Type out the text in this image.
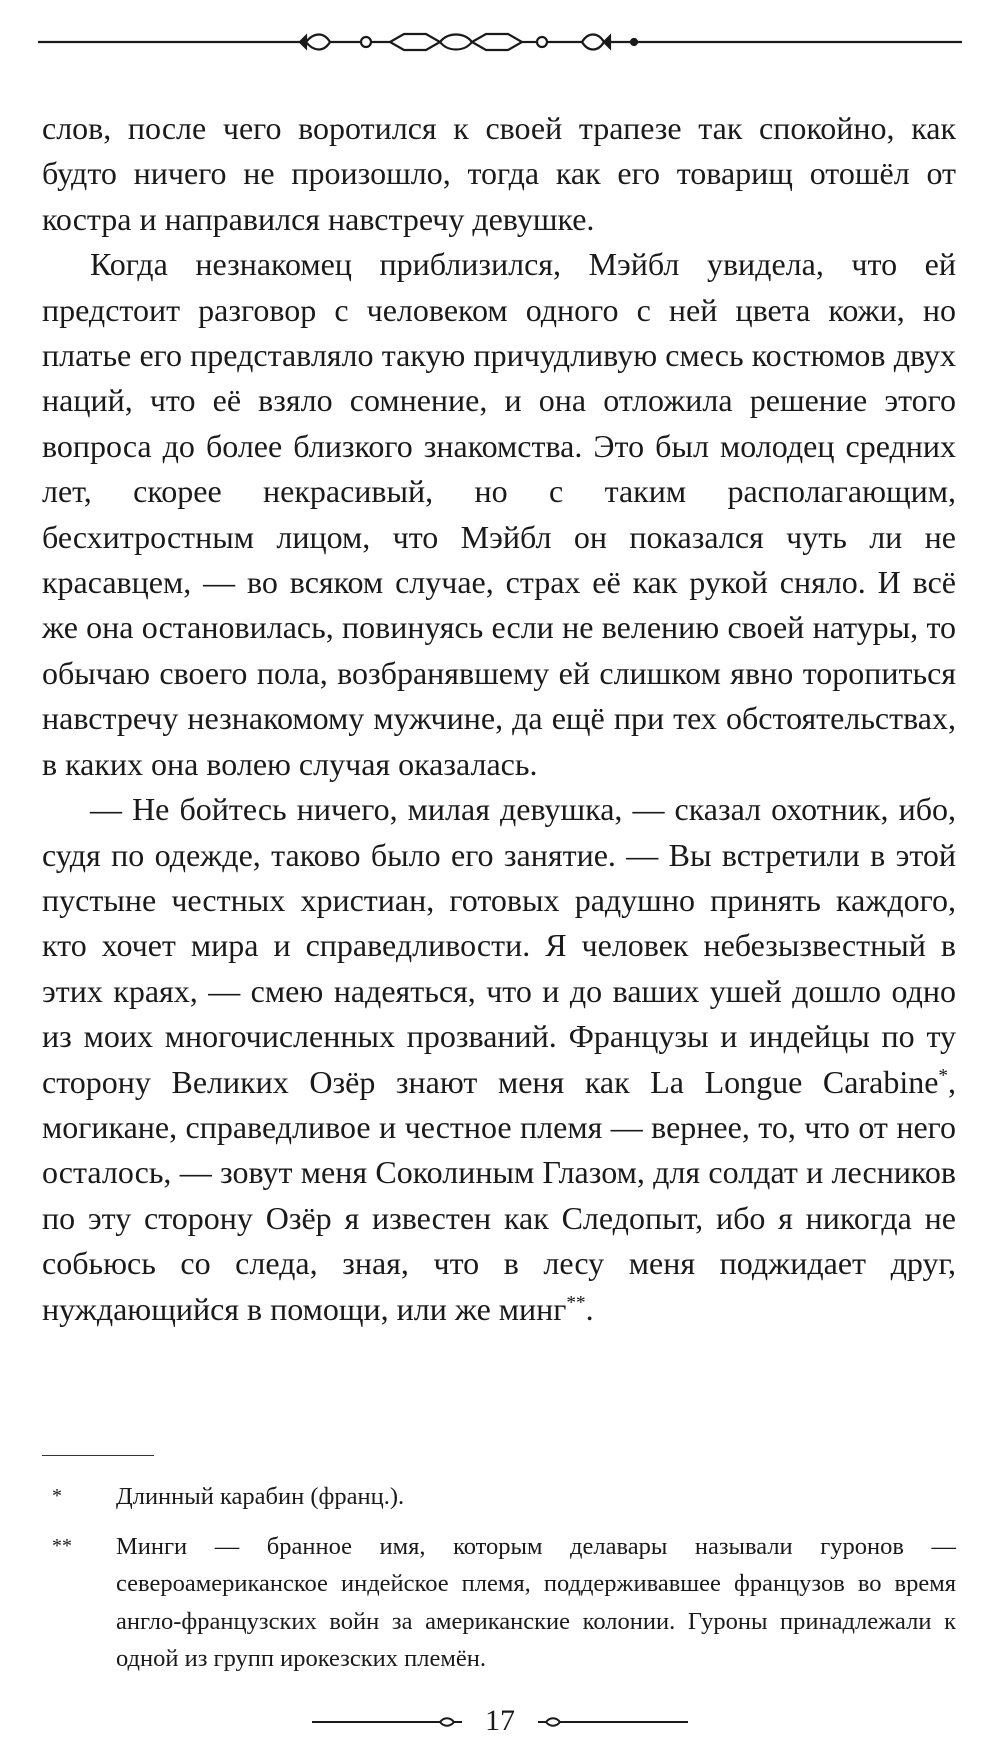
слов, после чего воротился к своей трапезе так спокойно, как будто ничего не произошло, тогда как его товарищ отошёл от костра и направился навстречу девушке.

Когда незнакомец приблизился, Мэйбл увидела, что ей предстоит разговор с человеком одного с ней цвета кожи, но платье его представляло такую причудливую смесь костюмов двух наций, что её взяло сомнение, и она отложила решение этого вопроса до более близкого знакомства. Это был молодец средних лет, скорее некрасивый, но с таким располагающим, бесхитростным лицом, что Мэйбл он показался чуть ли не красавцем, — во всяком случае, страх её как рукой сняло. И всё же она остановилась, повинуясь если не велению своей натуры, то обычаю своего пола, возбранявшему ей слишком явно торопиться навстречу незнакомому мужчине, да ещё при тех обстоятельствах, в каких она волею случая оказалась.

— Не бойтесь ничего, милая девушка, — сказал охотник, ибо, судя по одежде, таково было его занятие. — Вы встретили в этой пустыне честных христиан, готовых радушно принять каждого, кто хочет мира и справедливости. Я человек небезызвестный в этих краях, — смею надеяться, что и до ваших ушей дошло одно из моих многочисленных прозваний. Французы и индейцы по ту сторону Великих Озёр знают меня как La Longue Carabine*, могикане, справедливое и честное племя — вернее, то, что от него осталось, — зовут меня Соколиным Глазом, для солдат и лесников по эту сторону Озёр я известен как Следопыт, ибо я никогда не собьюсь со следа, зная, что в лесу меня поджидает друг, нуждающийся в помощи, или же минг**.

*	Длинный карабин (франц.).
**	Минги — бранное имя, которым делавары называли гуронов — североамериканское индейское племя, поддерживавшее французов во время англо-французских войн за американские колонии. Гуроны принадлежали к одной из групп ирокезских племён.
17
